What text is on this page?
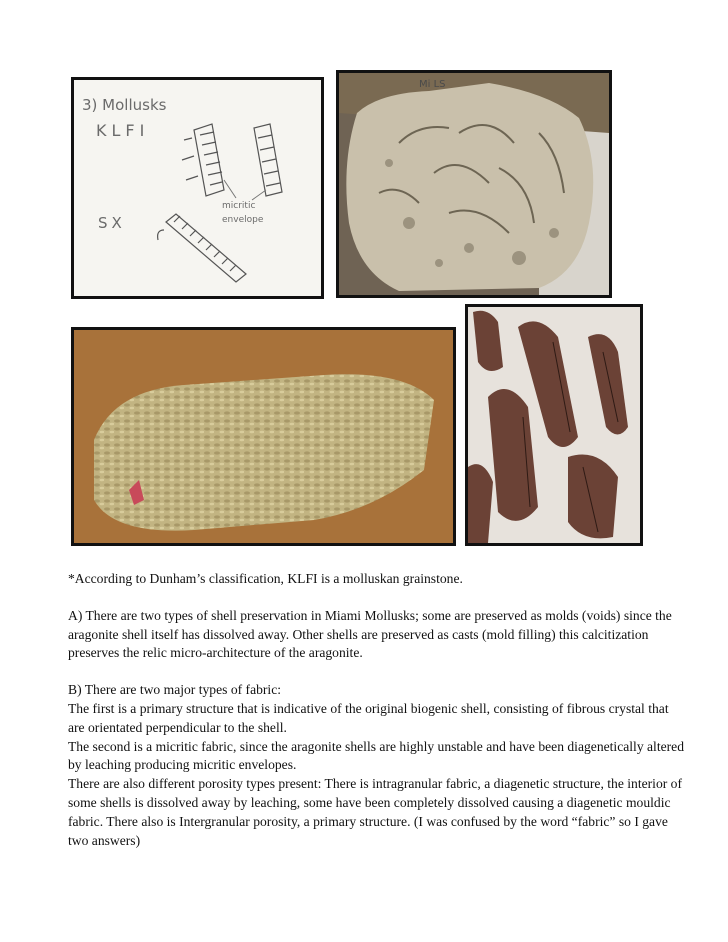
3) Mollusks
KLFI
micritic
envelope
SX
Mi LS

*According to Dunham’s classification, KLFI is a molluskan grainstone.

A) There are two types of shell preservation in Miami Mollusks; some are preserved as molds (voids) since the aragonite shell itself has dissolved away. Other shells are preserved as casts (mold filling) this calcitization preserves the relic micro-architecture of the aragonite.

B) There are two major types of fabric:

The first is a primary structure that is indicative of the original biogenic shell, consisting of fibrous crystal that are orientated perpendicular to the shell.

The second is a micritic fabric, since the aragonite shells are highly unstable and have been diagenetically altered by leaching producing micritic envelopes.

There are also different porosity types present: There is intragranular fabric, a diagenetic structure, the interior of some shells is dissolved away by leaching, some have been completely dissolved causing a diagenetic mouldic fabric. There also is Intergranular porosity, a primary structure. (I was confused by the word “fabric” so I gave two answers)
